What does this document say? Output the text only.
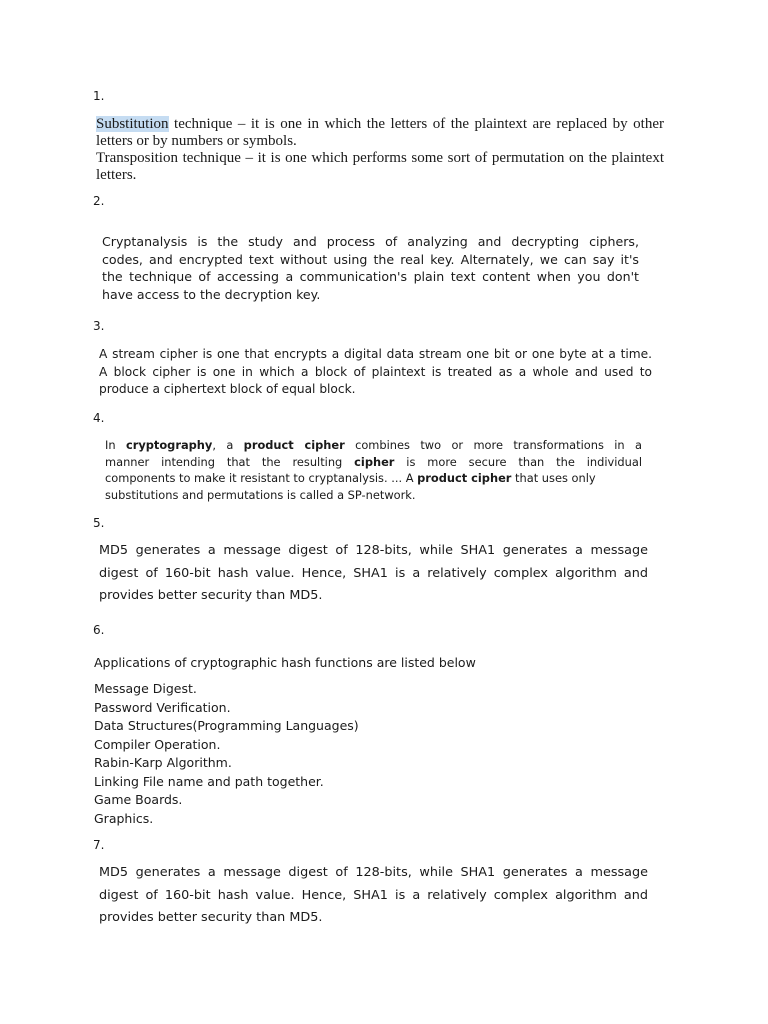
1.
Substitution technique – it is one in which the letters of the plaintext are replaced by other
letters or by numbers or symbols.
Transposition technique – it is one which performs some sort of permutation on the plaintext
letters.
2.
Cryptanalysis is the study and process of analyzing and decrypting ciphers,
codes, and encrypted text without using the real key. Alternately, we can say it's
the technique of accessing a communication's plain text content when you don't
have access to the decryption key.
3.
A stream cipher is one that encrypts a digital data stream one bit or one byte at a time.
A block cipher is one in which a block of plaintext is treated as a whole and used to
produce a ciphertext block of equal block.
4.
In cryptography, a product cipher combines two or more transformations in a
manner intending that the resulting cipher is more secure than the individual
components to make it resistant to cryptanalysis. ... A product cipher that uses only
substitutions and permutations is called a SP-network.
5.
MD5 generates a message digest of 128-bits, while SHA1 generates a message
digest of 160-bit hash value. Hence, SHA1 is a relatively complex algorithm and
provides better security than MD5.
6.
Applications of cryptographic hash functions are listed below
Message Digest.
Password Verification.
Data Structures(Programming Languages)
Compiler Operation.
Rabin-Karp Algorithm.
Linking File name and path together.
Game Boards.
Graphics.
7.
MD5 generates a message digest of 128-bits, while SHA1 generates a message
digest of 160-bit hash value. Hence, SHA1 is a relatively complex algorithm and
provides better security than MD5.
